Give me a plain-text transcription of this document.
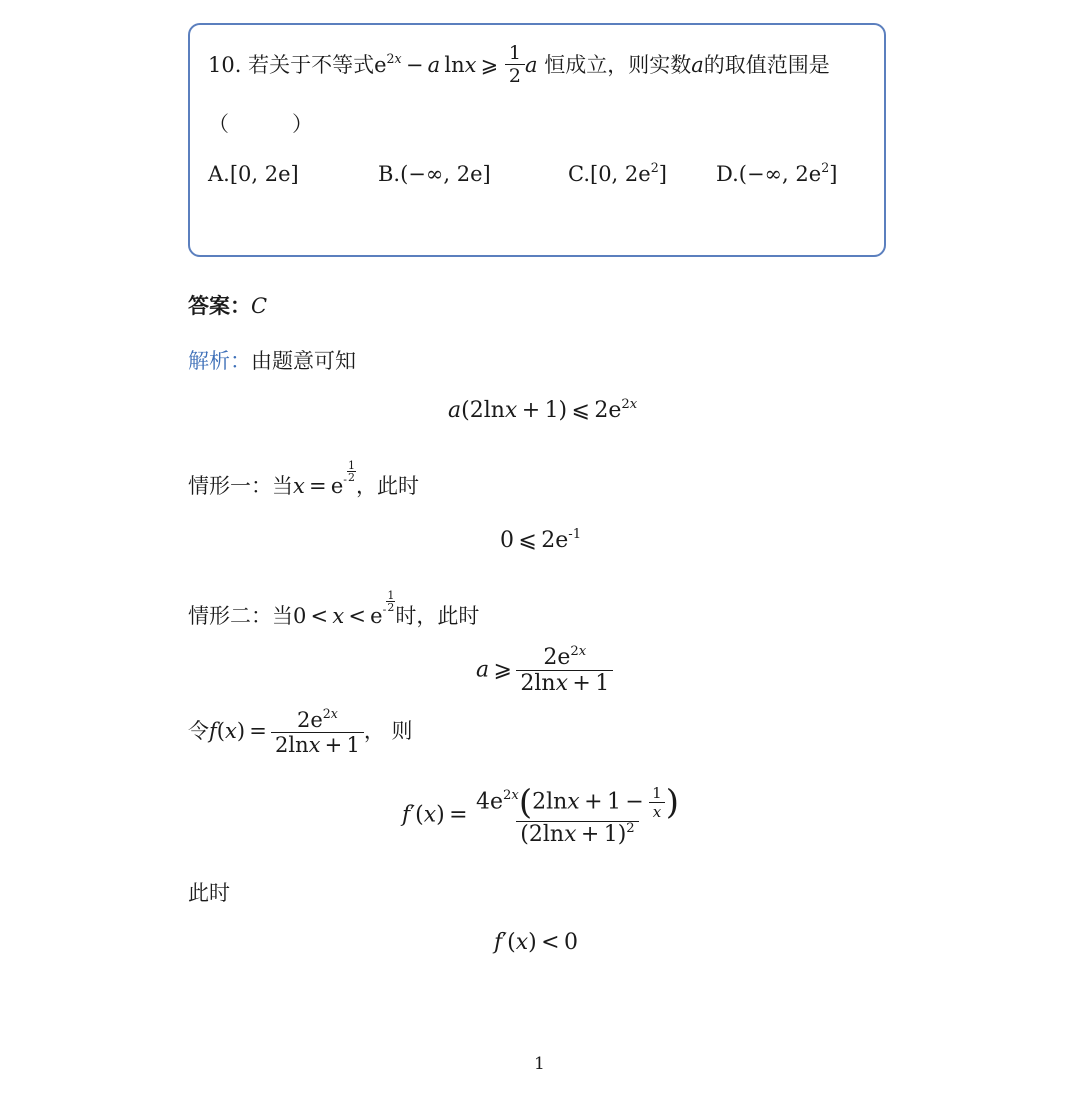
10. 若关于不等式$e^{2x} - a$ lnx ⩾ $\frac{1}{2}$ a 恒成立，则实数a的取值范围是
（　　　）
A.[0, 2e]	B.(−∞, 2e]	C.[0, $2e^2$] D.(−∞, $2e^2$]
答案：C
解析：由题意可知
a(2lnx + 1) ⩽ $2e^{2x}$
情形一：当$x = e^- \frac{1}{2}$
，此时
0 ⩽ $2e^{-1}$
情形二：当$0 < x < e^- \frac{1}{2}$
时，此时
a ⩾  $\frac{2e^{2x}}{2\ln x + 1}$
令$f(x) = \frac{2e^{2x}}{2\ln x + 1}$ ， 则
$f'(x) = \frac{4e^{2x}(2\ln x + 1 - \frac{1}{x} )}{(2\ln x + 1)^2}$
此时
f′(x) < 0
1
